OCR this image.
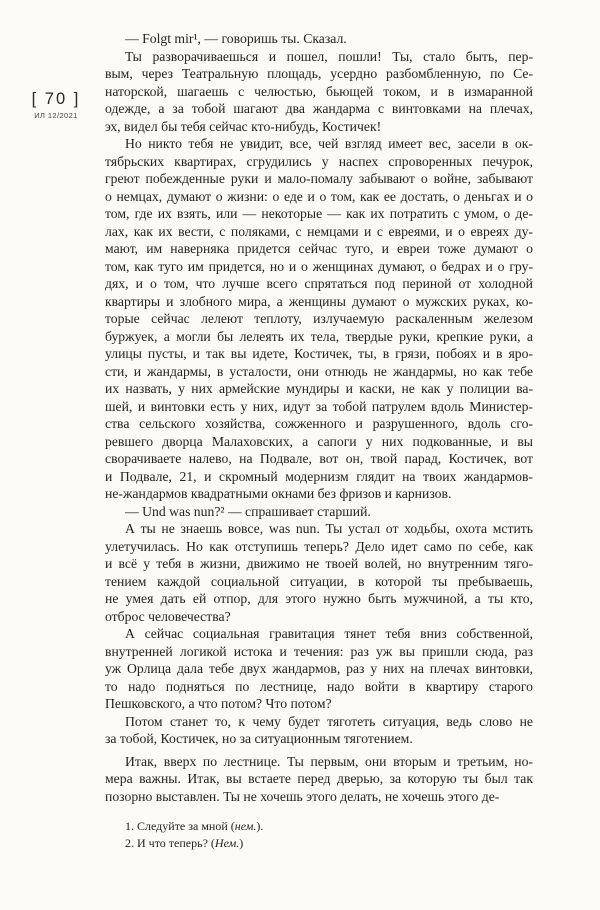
[ 70 ]
ИЛ 12/2021
— Folgt mir¹, — говоришь ты. Сказал.
Ты разворачиваешься и пошел, пошли! Ты, стало быть, пер-
вым, через Театральную площадь, усердно разбомбленную, по Се-
наторской, шагаешь с челюстью, бьющей током, и в измаранной
одежде, а за тобой шагают два жандарма с винтовками на плечах,
эх, видел бы тебя сейчас кто-нибудь, Костичек!
Но никто тебя не увидит, все, чей взгляд имеет вес, засели в ок-
тябрьских квартирах, сгрудились у наспех спроворенных печурок,
греют побежденные руки и мало-помалу забывают о войне, забывают
о немцах, думают о жизни: о еде и о том, как ее достать, о деньгах и о
том, где их взять, или — некоторые — как их потратить с умом, о де-
лах, как их вести, с поляками, с немцами и с евреями, и о евреях ду-
мают, им наверняка придется сейчас туго, и евреи тоже думают о
том, как туго им придется, но и о женщинах думают, о бедрах и о гру-
дях, и о том, что лучше всего спрятаться под периной от холодной
квартиры и злобного мира, а женщины думают о мужских руках, ко-
торые сейчас лелеют теплоту, излучаемую раскаленным железом
буржуек, а могли бы лелеять их тела, твердые руки, крепкие руки, а
улицы пусты, и так вы идете, Костичек, ты, в грязи, побоях и в яро-
сти, и жандармы, в усталости, они отнюдь не жандармы, но как тебе
их назвать, у них армейские мундиры и каски, не как у полиции ва-
шей, и винтовки есть у них, идут за тобой патрулем вдоль Министер-
ства сельского хозяйства, сожженного и разрушенного, вдоль сго-
ревшего дворца Малаховских, а сапоги у них подкованные, и вы
сворачиваете налево, на Подвале, вот он, твой парад, Костичек, вот
и Подвале, 21, и скромный модернизм глядит на твоих жандармов-
не-жандармов квадратными окнами без фризов и карнизов.
— Und was nun?² — спрашивает старший.
А ты не знаешь вовсе, was nun. Ты устал от ходьбы, охота мстить
улетучилась. Но как отступишь теперь? Дело идет само по себе, как
и всё у тебя в жизни, движимо не твоей волей, но внутренним тяго-
тением каждой социальной ситуации, в которой ты пребываешь,
не умея дать ей отпор, для этого нужно быть мужчиной, а ты кто,
отброс человечества?
А сейчас социальная гравитация тянет тебя вниз собственной,
внутренней логикой истока и течения: раз уж вы пришли сюда, раз
уж Орлица дала тебе двух жандармов, раз у них на плечах винтовки,
то надо подняться по лестнице, надо войти в квартиру старого
Пешковского, а что потом? Что потом?
Потом станет то, к чему будет тяготеть ситуация, ведь слово не
за тобой, Костичек, но за ситуационным тяготением.
Итак, вверх по лестнице. Ты первым, они вторым и третьим, но-
мера важны. Итак, вы встаете перед дверью, за которую ты был так
позорно выставлен. Ты не хочешь этого делать, не хочешь этого де-
1. Следуйте за мной (нем.).
2. И что теперь? (Нем.)
